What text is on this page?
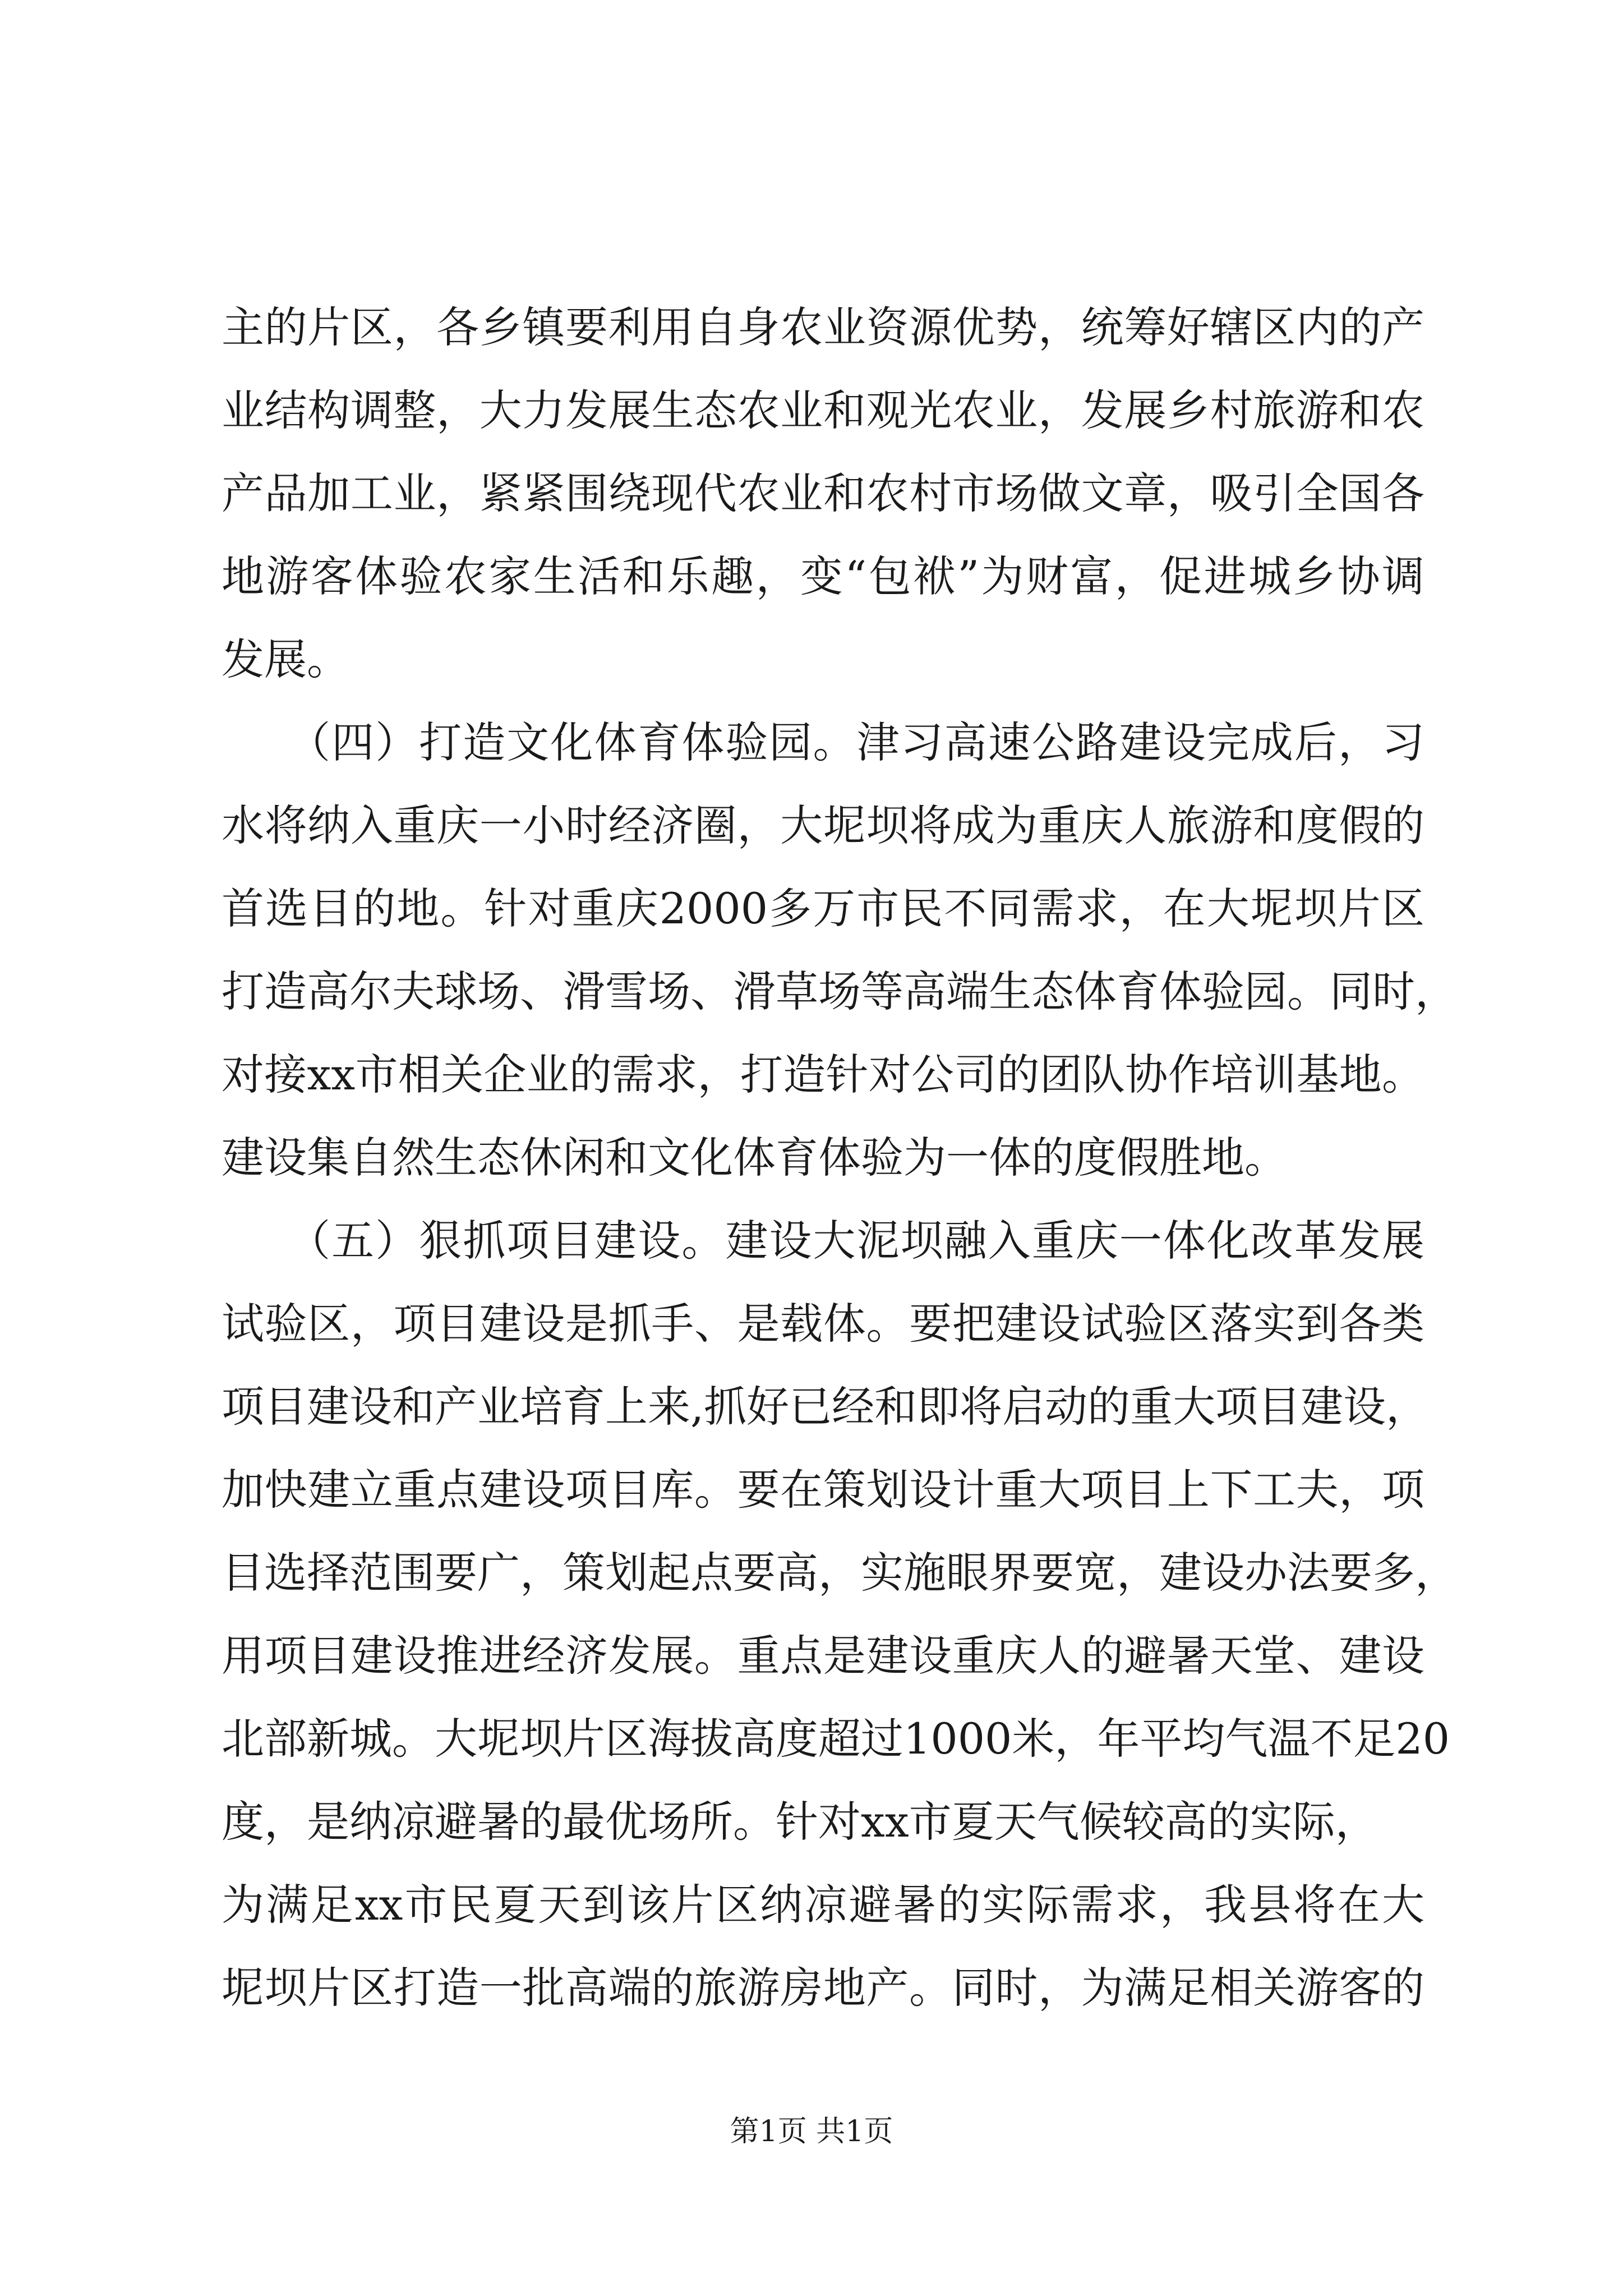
主的片区，各乡镇要利用自身农业资源优势，统筹好辖区内的产
业结构调整，大力发展生态农业和观光农业，发展乡村旅游和农
产品加工业，紧紧围绕现代农业和农村市场做文章，吸引全国各
地游客体验农家生活和乐趣，变“包袱”为财富，促进城乡协调
发展。
　　（四）打造文化体育体验园。津习高速公路建设完成后，习
水将纳入重庆一小时经济圈，大坭坝将成为重庆人旅游和度假的
首选目的地。针对重庆2000多万市民不同需求，在大坭坝片区
打造高尔夫球场、滑雪场、滑草场等高端生态体育体验园。同时，
对接xx市相关企业的需求，打造针对公司的团队协作培训基地。
建设集自然生态休闲和文化体育体验为一体的度假胜地。
　　（五）狠抓项目建设。建设大泥坝融入重庆一体化改革发展
试验区，项目建设是抓手、是载体。要把建设试验区落实到各类
项目建设和产业培育上来,抓好已经和即将启动的重大项目建设，
加快建立重点建设项目库。要在策划设计重大项目上下工夫，项
目选择范围要广，策划起点要高，实施眼界要宽，建设办法要多，
用项目建设推进经济发展。重点是建设重庆人的避暑天堂、建设
北部新城。大坭坝片区海拔高度超过1000米，年平均气温不足20
度，是纳凉避暑的最优场所。针对xx市夏天气候较高的实际，
为满足xx市民夏天到该片区纳凉避暑的实际需求，我县将在大
坭坝片区打造一批高端的旅游房地产。同时，为满足相关游客的
第1页 共1页
